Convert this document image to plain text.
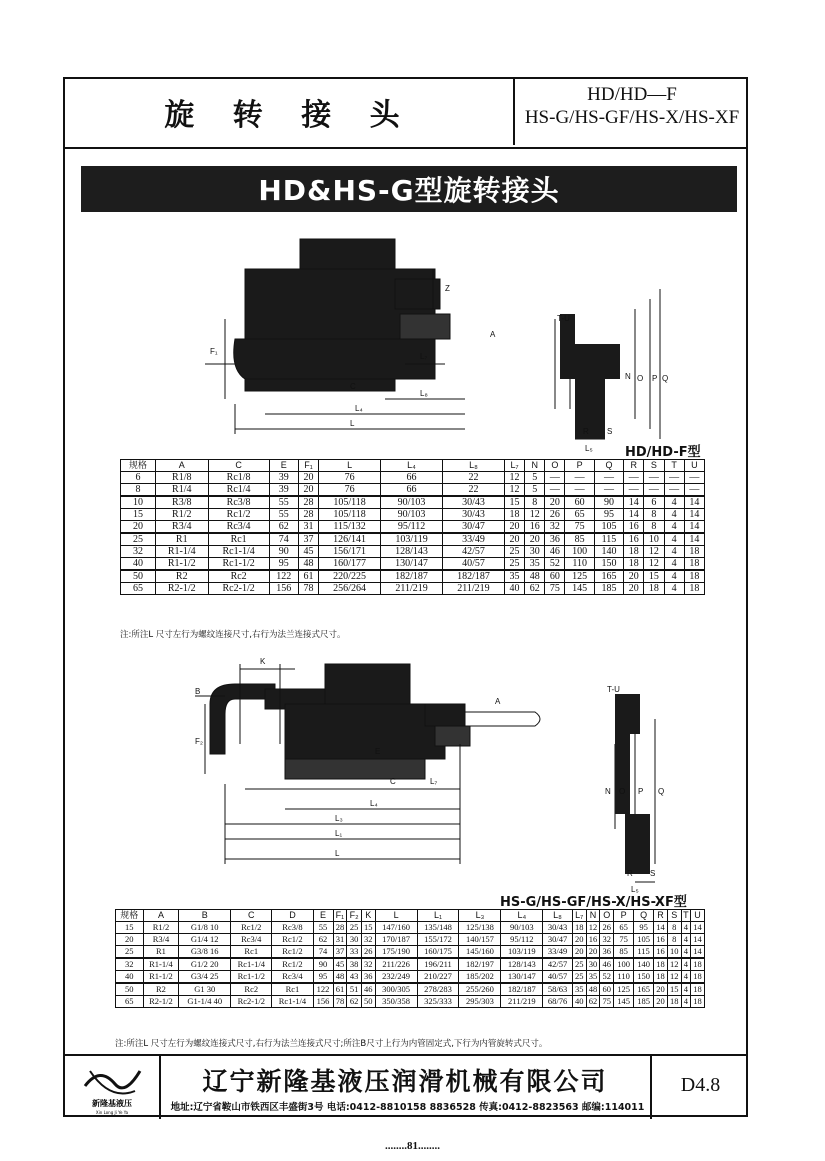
旋 转 接 头
HD/HD—F
HS-G/HS-GF/HS-X/HS-XF
HD&HS-G型旋转接头
T-U
A
Z
F₁
L₇
C
L₈
L₄
L
N O P Q
R S
L₅ HD/HD-F型
规格	A	C	E	F₁	L	L₄	L₈	L₇	N	O	P	Q	R	S	T	U
6	R1/8	Rc1/8	39	20	76	66	22	12	5	—	—	—	—	—	—	—
8	R1/4	Rc1/4	39	20	76	66	22	12	5	—	—	—	—	—	—	—
10	R3/8	Rc3/8	55	28	105/118	90/103	30/43	15	8	20	60	90	14	6	4	14
15	R1/2	Rc1/2	55	28	105/118	90/103	30/43	18	12	26	65	95	14	8	4	14
20	R3/4	Rc3/4	62	31	115/132	95/112	30/47	20	16	32	75	105	16	8	4	14
25	R1	Rc1	74	37	126/141	103/119	33/49	20	20	36	85	115	16	10	4	14
32	R1-1/4	Rc1-1/4	90	45	156/171	128/143	42/57	25	30	46	100	140	18	12	4	18
40	R1-1/2	Rc1-1/2	95	48	160/177	130/147	40/57	25	35	52	110	150	18	12	4	18
50	R2	Rc2	122	61	220/225	182/187	182/187	35	48	60	125	165	20	15	4	18
65	R2-1/2	Rc2-1/2	156	78	256/264	211/219	211/219	40	62	75	145	185	20	18	4	18
注:所注L 尺寸左行为螺纹连接尺寸,右行为法兰连接式尺寸。
K
B
A
F₂
E
L₇
L₄
L₃
L₁
L
C
T-U
N O P Q
R S
L₅
HS-G/HS-GF/HS-X/HS-XF型
规格	A	B	C	D	E	F₁	F₂	K	L	L₁	L₃	L₄	L₈	L₇	N	O	P	Q	R	S	T	U
15	R1/2	G1/8 10	Rc1/2	Rc3/8	55	28	25	15	147/160	135/148	125/138	90/103	30/43	18	12	26	65	95	14	8	4	14
20	R3/4	G1/4 12	Rc3/4	Rc1/2	62	31	30	32	170/187	155/172	140/157	95/112	30/47	20	16	32	75	105	16	8	4	14
25	R1	G3/8 16	Rc1	Rc1/2	74	37	33	26	175/190	160/175	145/160	103/119	33/49	20	20	36	85	115	16	10	4	14
32	R1-1/4	G1/2 20	Rc1-1/4	Rc1/2	90	45	38	32	211/226	196/211	182/197	128/143	42/57	25	30	46	100	140	18	12	4	18
40	R1-1/2	G3/4 25	Rc1-1/2	Rc3/4	95	48	43	36	232/249	210/227	185/202	130/147	40/57	25	35	52	110	150	18	12	4	18
50	R2	G1 30	Rc2	Rc1	122	61	51	46	300/305	278/283	255/260	182/187	58/63	35	48	60	125	165	20	15	4	18
65	R2-1/2	G1-1/4 40	Rc2-1/2	Rc1-1/4	156	78	62	50	350/358	325/333	295/303	211/219	68/76	40	62	75	145	185	20	18	4	18
注:所注L 尺寸左行为螺纹连接式尺寸,右行为法兰连接式尺寸;所注B尺寸上行为内管固定式,下行为内管旋转式尺寸。
新隆基液压
Xin Long Ji Ye Ya
辽宁新隆基液压润滑机械有限公司
地址:辽宁省鞍山市铁西区丰盛街3号 电话:0412-8810158 8836528 传真:0412-8823563 邮编:114011
D4.8
........81........
